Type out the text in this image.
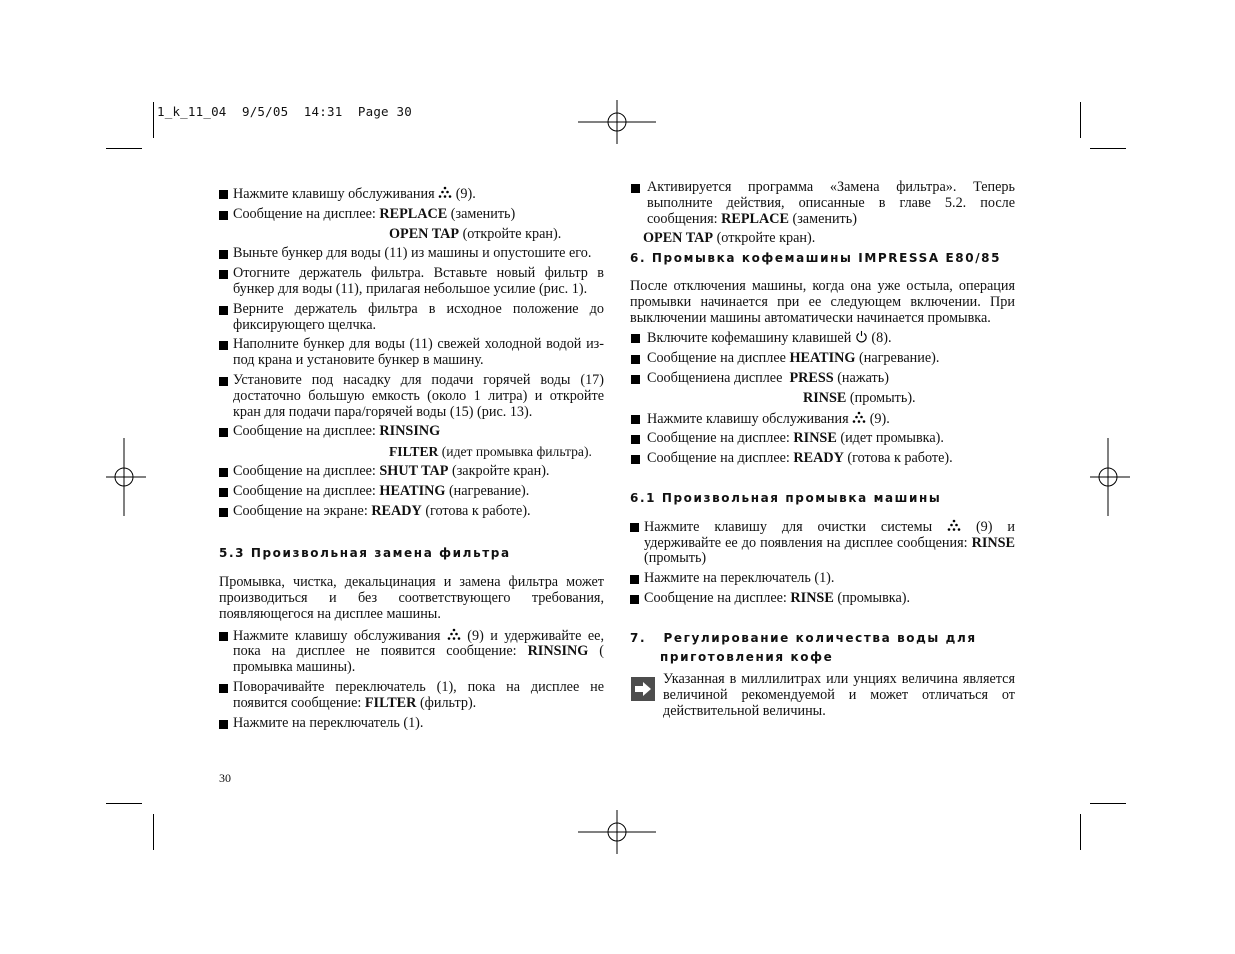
1_k_11_04  9/5/05  14:31  Page 30
Нажмите клавишу обслуживания  (9).
Сообщение на дисплее: REPLACE (заменить)
OPEN TAP (откройте кран).
Выньте бункер для воды (11) из машины и опустошите его.
Отогните держатель фильтра. Вставьте новый фильтр в бункер для воды (11), прилагая небольшое усилие (рис. 1).
Верните держатель фильтра в исходное положение до фиксирующего щелчка.
Наполните бункер для воды (11) свежей холодной водой из-под крана и установите бункер в машину.
Установите под насадку для подачи горячей воды (17) достаточно большую емкость (около 1 литра) и откройте кран для подачи пара/горячей воды (15) (рис. 13).
Сообщение на дисплее: RINSING
FILTER (идет промывка фильтра).
Сообщение на дисплее: SHUT TAP (закройте кран).
Сообщение на дисплее: HEATING (нагревание).
Сообщение на экране: READY (готова к работе).
5.3 Произвольная замена фильтра
Промывка, чистка, декальцинация и замена фильтра может производиться и без соответствующего требования, появляющегося на дисплее машины.
Нажмите клавишу обслуживания  (9) и удерживайте ее, пока на дисплее не появится сообщение: RINSING ( промывка машины).
Поворачивайте переключатель (1), пока на дисплее не появится сообщение: FILTER (фильтр).
Нажмите на переключатель (1).
30
Активируется программа «Замена фильтра». Теперь выполните действия, описанные в главе 5.2. после сообщения: REPLACE (заменить)
OPEN TAP (откройте кран).
6. Промывка кофемашины IMPRESSA E80/85
После отключения машины, когда она уже остыла, операция промывки начинается при ее следующем включении. При выключении машины автоматически начинается промывка.
Включите кофемашину клавишей  (8).
Сообщение на дисплее HEATING (нагревание).
Сообщениена дисплее  PRESS (нажать)
RINSE (промыть).
Нажмите клавишу обслуживания  (9).
Сообщение на дисплее: RINSE (идет промывка).
Сообщение на дисплее: READY (готова к работе).
6.1 Произвольная промывка машины
Нажмите клавишу для очистки системы  (9) и удерживайте ее до появления на дисплее сообщения: RINSE (промыть)
Нажмите на переключатель (1).
Сообщение на дисплее: RINSE (промывка).
7.   Регулирование количества воды для
приготовления кофе
Указанная в миллилитрах или унциях величина является величиной рекомендуемой и может отличаться от действительной величины.
